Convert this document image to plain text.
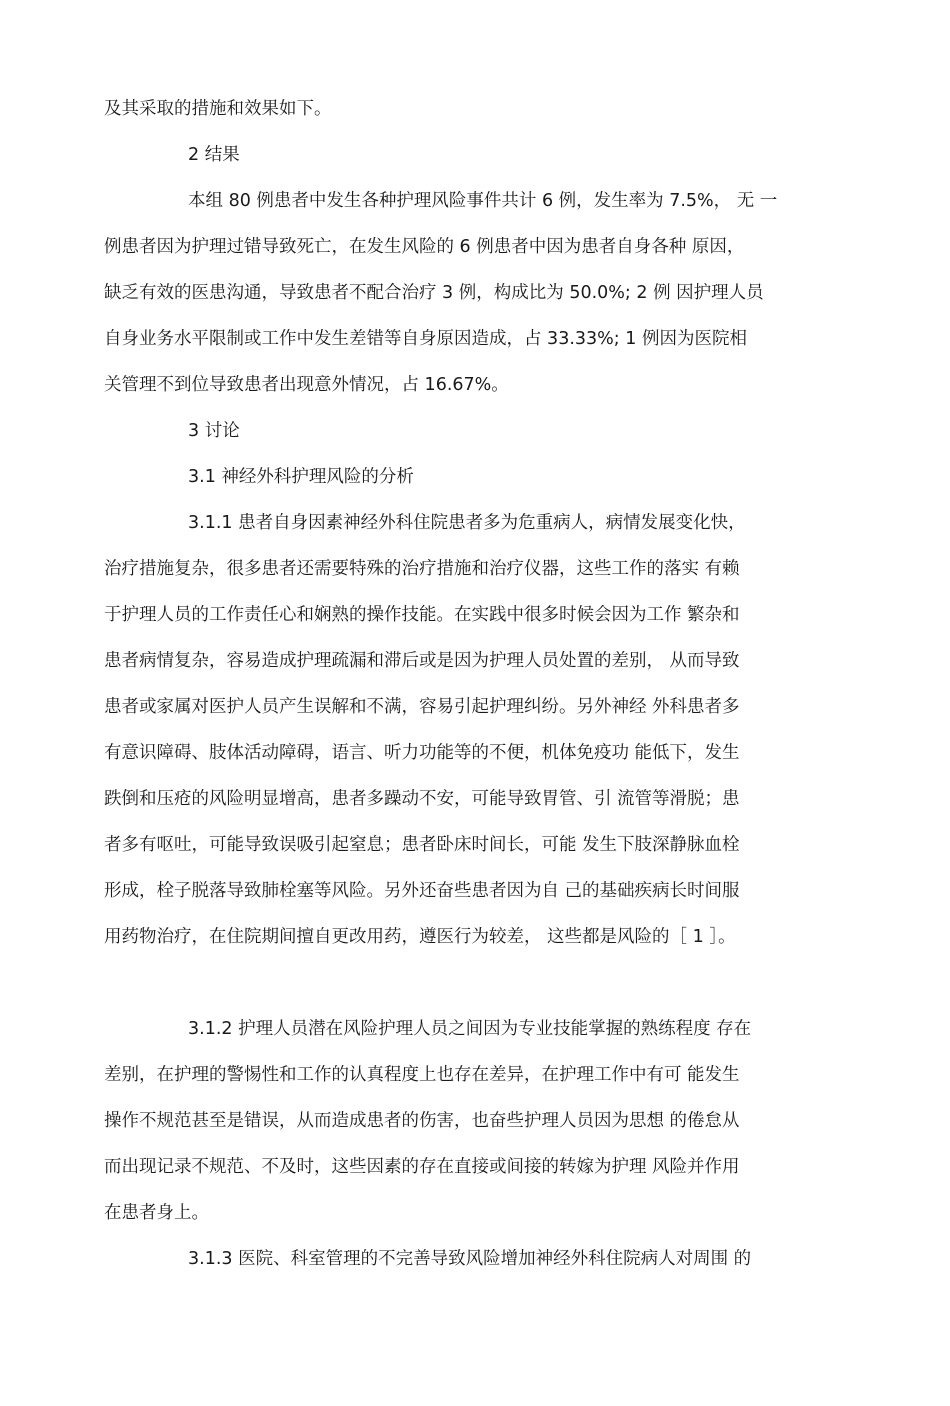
及其采取的措施和效果如下。
2 结果
本组 80 例患者中发生各种护理风险事件共计 6 例，发生率为 7.5%， 无 一
例患者因为护理过错导致死亡，在发生风险的 6 例患者中因为患者自身各种 原因，
缺乏有效的医患沟通，导致患者不配合治疗 3 例，构成比为 50.0%; 2 例 因护理人员
自身业务水平限制或工作中发生差错等自身原因造成，占 33.33%; 1 例因为医院相
关管理不到位导致患者出现意外情况，占 16.67%。
3 讨论
3.1 神经外科护理风险的分析
3.1.1 患者自身因素神经外科住院患者多为危重病人，病情发展变化快，
治疗措施复杂，很多患者还需要特殊的治疗措施和治疗仪器，这些工作的落实 有赖
于护理人员的工作责任心和娴熟的操作技能。在实践中很多时候会因为工作 繁杂和
患者病情复杂，容易造成护理疏漏和滞后或是因为护理人员处置的差别， 从而导致
患者或家属对医护人员产生误解和不满，容易引起护理纠纷。另外神经 外科患者多
有意识障碍、肢体活动障碍，语言、听力功能等的不便，机体免疫功 能低下，发生
跌倒和压疮的风险明显增高，患者多躁动不安，可能导致胃管、引 流管等滑脱；患
者多有呕吐，可能导致误吸引起窒息；患者卧床时间长，可能 发生下肢深静脉血栓
形成，栓子脱落导致肺栓塞等风险。另外还奋些患者因为自 己的基础疾病长时间服
用药物治疗，在住院期间擅自更改用药，遵医行为较差， 这些都是风险的［ 1 ］。
3.1.2 护理人员潜在风险护理人员之间因为专业技能掌握的熟练程度 存在
差别，在护理的警惕性和工作的认真程度上也存在差异，在护理工作中有可 能发生
操作不规范甚至是错误，从而造成患者的伤害，也奋些护理人员因为思想 的倦怠从
而出现记录不规范、不及时，这些因素的存在直接或间接的转嫁为护理 风险并作用
在患者身上。
3.1.3 医院、科室管理的不完善导致风险增加神经外科住院病人对周围 的
